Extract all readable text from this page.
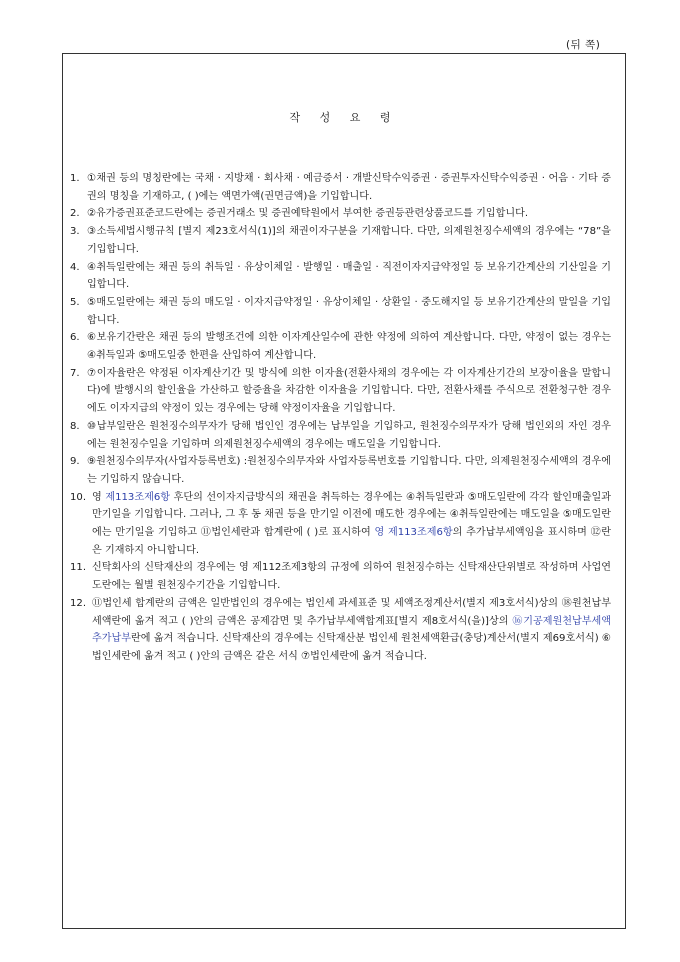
(뒤 쪽)
작 성 요 령
1. ①채권 등의 명칭란에는 국채 · 지방채 · 회사채 · 예금증서 · 개발신탁수익증권 · 증권투자신탁수익증권 · 어음 · 기타 증권의 명칭을 기재하고, ( )에는 액면가액(권면금액)을 기입합니다.
2. ②유가증권표준코드란에는 증권거래소 및 증권예탁원에서 부여한 증권등관련상품코드를 기입합니다.
3. ③소득세법시행규칙 [별지 제23호서식(1)]의 채권이자구분을 기재합니다. 다만, 의제원천징수세액의 경우에는 “78”을 기입합니다.
4. ④취득일란에는 채권 등의 취득일 · 유상이체일 · 발행일 · 매출일 · 직전이자지급약정일 등 보유기간계산의 기산일을 기입합니다.
5. ⑤매도일란에는 채권 등의 매도일 · 이자지급약정일 · 유상이체일 · 상환일 · 중도해지일 등 보유기간계산의 말일을 기입합니다.
6. ⑥보유기간란은 채권 등의 발행조건에 의한 이자계산일수에 관한 약정에 의하여 계산합니다. 다만, 약정이 없는 경우는 ④취득일과 ⑤매도일중 한편을 산입하여 계산합니다.
7. ⑦이자율란은 약정된 이자계산기간 및 방식에 의한 이자율(전환사채의 경우에는 각 이자계산기간의 보장이율을 말합니다)에 발행시의 할인율을 가산하고 할증율을 차감한 이자율을 기입합니다. 다만, 전환사채를 주식으로 전환청구한 경우에도 이자지급의 약정이 있는 경우에는 당해 약정이자율을 기입합니다.
8. ⑩납부일란은 원천징수의무자가 당해 법인인 경우에는 납부일을 기입하고, 원천징수의무자가 당해 법인외의 자인 경우에는 원천징수일을 기입하며 의제원천징수세액의 경우에는 매도일을 기입합니다.
9. ⑨원천징수의무자(사업자등록번호) :원천징수의무자와 사업자등록번호를 기입합니다. 다만, 의제원천징수세액의 경우에는 기입하지 않습니다.
10. 영 제113조제6항 후단의 선이자지급방식의 채권을 취득하는 경우에는 ④취득일란과 ⑤매도일란에 각각 할인매출일과 만기일을 기입합니다. 그러나, 그 후 동 채권 등을 만기일 이전에 매도한 경우에는 ④취득일란에는 매도일을 ⑤매도일란에는 만기일을 기입하고 ⑪법인세란과 합계란에 ( )로 표시하여 영 제113조제6항의 추가납부세액임을 표시하며 ⑫란은 기재하지 아니합니다.
11. 신탁회사의 신탁재산의 경우에는 영 제112조제3항의 규정에 의하여 원천징수하는 신탁재산단위별로 작성하며 사업연도란에는 월별 원천징수기간을 기입합니다.
12. ⑪법인세 합계란의 금액은 일반법인의 경우에는 법인세 과세표준 및 세액조정계산서(별지 제3호서식)상의 ⑱원천납부세액란에 옮겨 적고 ( )안의 금액은 공제감면 및 추가납부세액합계표[별지 제8호서식(을)]상의 ⑯기공제원천납부세액 추가납부란에 옮겨 적습니다. 신탁재산의 경우에는 신탁재산분 법인세 원천세액환급(충당)계산서(별지 제69호서식) ⑥법인세란에 옮겨 적고 ( )안의 금액은 같은 서식 ⑦법인세란에 옮겨 적습니다.
